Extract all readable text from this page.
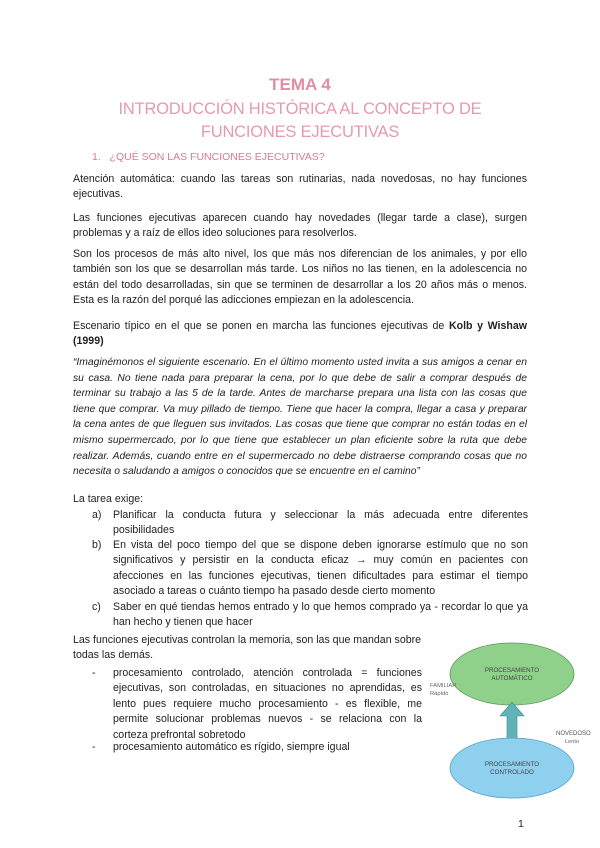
TEMA 4
INTRODUCCIÓN HISTÓRICA AL CONCEPTO DE
FUNCIONES EJECUTIVAS
1. ¿QUÉ SON LAS FUNCIONES EJECUTIVAS?
Atención automática: cuando las tareas son rutinarias, nada novedosas, no hay funciones ejecutivas.
Las funciones ejecutivas aparecen cuando hay novedades (llegar tarde a clase), surgen problemas y a raíz de ellos ideo soluciones para resolverlos.
Son los procesos de más alto nivel, los que más nos diferencian de los animales, y por ello también son los que se desarrollan más tarde. Los niños no las tienen, en la adolescencia no están del todo desarrolladas, sin que se terminen de desarrollar a los 20 años más o menos. Esta es la razón del porqué las adicciones empiezan en la adolescencia.
Escenario típico en el que se ponen en marcha las funciones ejecutivas de Kolb y Wishaw (1999)
“Imaginémonos el siguiente escenario. En el último momento usted invita a sus amigos a cenar en su casa. No tiene nada para preparar la cena, por lo que debe de salir a comprar después de terminar su trabajo a las 5 de la tarde. Antes de marcharse prepara una lista con las cosas que tiene que comprar. Va muy pillado de tiempo. Tiene que hacer la compra, llegar a casa y preparar la cena antes de que lleguen sus invitados. Las cosas que tiene que comprar no están todas en el mismo supermercado, por lo que tiene que establecer un plan eficiente sobre la ruta que debe realizar. Además, cuando entre en el supermercado no debe distraerse comprando cosas que no necesita o saludando a amigos o conocidos que se encuentre en el camino”
La tarea exige:
a)	Planificar la conducta futura y seleccionar la más adecuada entre diferentes posibilidades
b)	En vista del poco tiempo del que se dispone deben ignorarse estímulo que no son significativos y persistir en la conducta eficaz → muy común en pacientes con afecciones en las funciones ejecutivas, tienen dificultades para estimar el tiempo asociado a tareas o cuánto tiempo ha pasado desde cierto momento
c)	Saber en qué tiendas hemos entrado y lo que hemos comprado ya - recordar lo que ya han hecho y tienen que hacer
Las funciones ejecutivas controlan la memoria, son las que mandan sobre todas las demás.
- procesamiento controlado, atención controlada = funciones ejecutivas, son controladas, en situaciones no aprendidas, es lento pues requiere mucho procesamiento - es flexible, me permite solucionar problemas nuevos - se relaciona con la corteza prefrontal sobretodo
- procesamiento automático es rígido, siempre igual
PROCESAMIENTO
AUTOMÁTICO
PROCESAMIENTO
CONTROLADO
FAMILIAR
Rápido
NOVEDOSO
Lento
1
